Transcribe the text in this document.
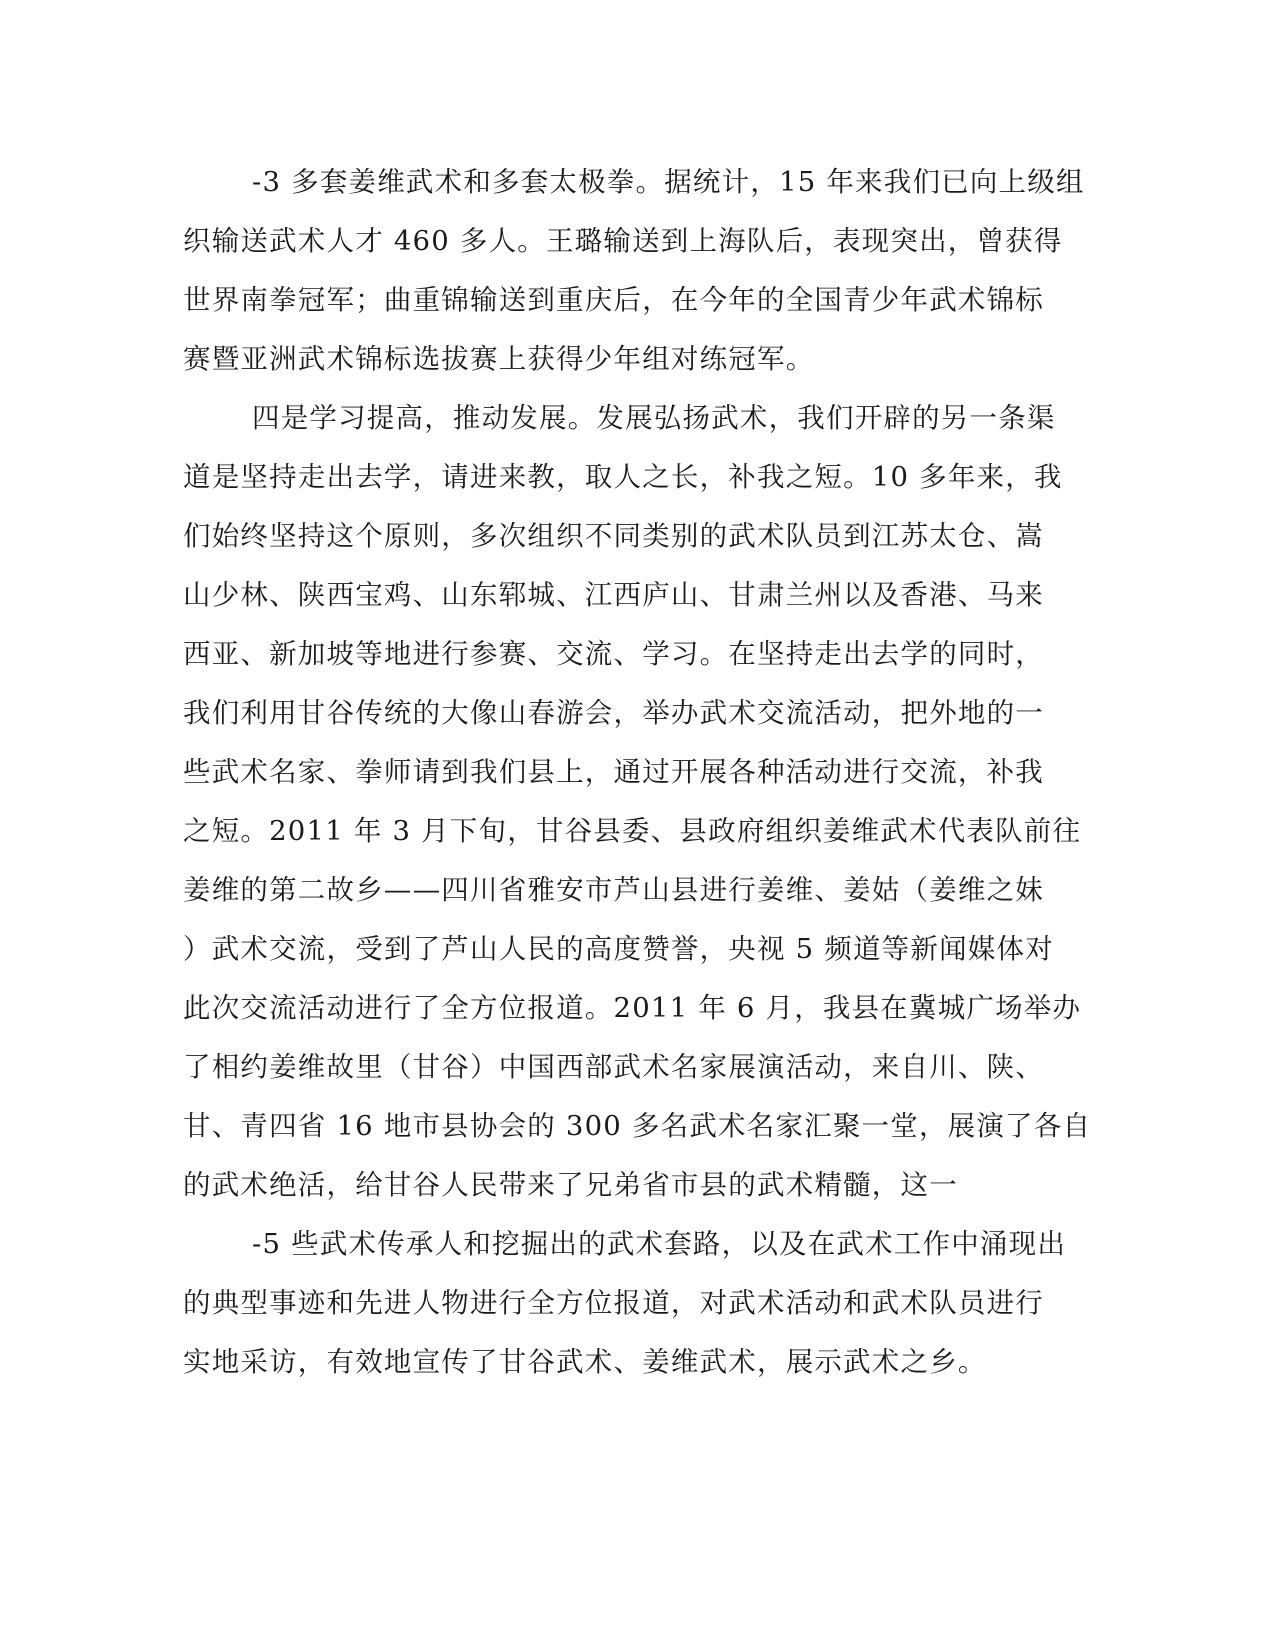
-3 多套姜维武术和多套太极拳。据统计，15 年来我们已向上级组
织输送武术人才 460 多人。王璐输送到上海队后，表现突出，曾获得
世界南拳冠军；曲重锦输送到重庆后，在今年的全国青少年武术锦标
赛暨亚洲武术锦标选拔赛上获得少年组对练冠军。
四是学习提高，推动发展。发展弘扬武术，我们开辟的另一条渠
道是坚持走出去学，请进来教，取人之长，补我之短。10 多年来，我
们始终坚持这个原则，多次组织不同类别的武术队员到江苏太仓、嵩
山少林、陕西宝鸡、山东郓城、江西庐山、甘肃兰州以及香港、马来
西亚、新加坡等地进行参赛、交流、学习。在坚持走出去学的同时，
我们利用甘谷传统的大像山春游会，举办武术交流活动，把外地的一
些武术名家、拳师请到我们县上，通过开展各种活动进行交流，补我
之短。2011 年 3 月下旬，甘谷县委、县政府组织姜维武术代表队前往
姜维的第二故乡——四川省雅安市芦山县进行姜维、姜姑（姜维之妹
）武术交流，受到了芦山人民的高度赞誉，央视 5 频道等新闻媒体对
此次交流活动进行了全方位报道。2011 年 6 月，我县在冀城广场举办
了相约姜维故里（甘谷）中国西部武术名家展演活动，来自川、陕、
甘、青四省 16 地市县协会的 300 多名武术名家汇聚一堂，展演了各自
的武术绝活，给甘谷人民带来了兄弟省市县的武术精髓，这一
-5 些武术传承人和挖掘出的武术套路，以及在武术工作中涌现出
的典型事迹和先进人物进行全方位报道，对武术活动和武术队员进行
实地采访，有效地宣传了甘谷武术、姜维武术，展示武术之乡。
